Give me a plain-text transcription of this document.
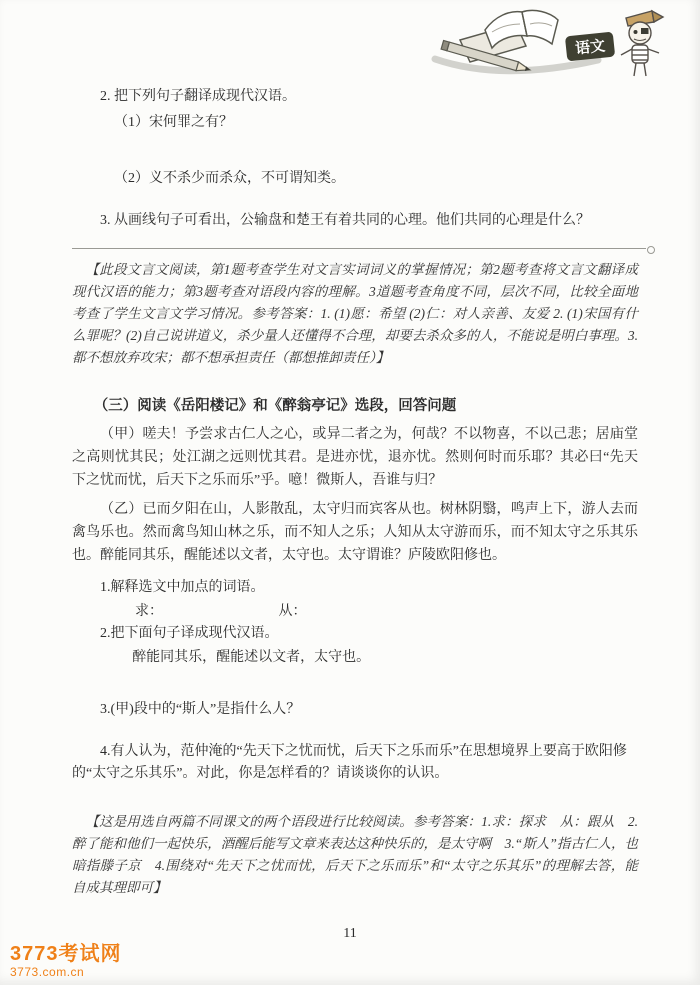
语文

2. 把下列句子翻译成现代汉语。

（1）宋何罪之有？

（2）义不杀少而杀众，不可谓知类。

3. 从画线句子可看出，公输盘和楚王有着共同的心理。他们共同的心理是什么？

【此段文言文阅读，第1题考查学生对文言实词词义的掌握情况；第2题考查将文言文翻译成现代汉语的能力；第3题考查对语段内容的理解。3道题考查角度不同，层次不同，比较全面地考查了学生文言文学习情况。参考答案：1. (1)愿：希望 (2)仁：对人亲善、友爱 2. (1)宋国有什么罪呢？(2)自己说讲道义，杀少量人还懂得不合理，却要去杀众多的人，不能说是明白事理。3. 都不想放弃攻宋；都不想承担责任（都想推卸责任）】

（三）阅读《岳阳楼记》和《醉翁亭记》选段，回答问题

（甲）嗟夫！予尝求古仁人之心，或异二者之为，何哉？不以物喜，不以己悲；居庙堂之高则忧其民；处江湖之远则忧其君。是进亦忧，退亦忧。然则何时而乐耶？其必曰“先天下之忧而忧，后天下之乐而乐”乎。噫！微斯人，吾谁与归？

（乙）已而夕阳在山，人影散乱，太守归而宾客从也。树林阴翳，鸣声上下，游人去而禽鸟乐也。然而禽鸟知山林之乐，而不知人之乐；人知从太守游而乐，而不知太守之乐其乐也。醉能同其乐，醒能述以文者，太守也。太守谓谁？庐陵欧阳修也。

1.解释选文中加点的词语。

求：	从：

2.把下面句子译成现代汉语。

醉能同其乐，醒能述以文者，太守也。

3.(甲)段中的“斯人”是指什么人？

4.有人认为，范仲淹的“先天下之忧而忧，后天下之乐而乐”在思想境界上要高于欧阳修的“太守之乐其乐”。对此，你是怎样看的？请谈谈你的认识。

【这是用选自两篇不同课文的两个语段进行比较阅读。参考答案：1.求：探求　从：跟从　2.醉了能和他们一起快乐，酒醒后能写文章来表达这种快乐的，是太守啊　3.“斯人”指古仁人，也暗指滕子京　4.围绕对“先天下之忧而忧，后天下之乐而乐”和“太守之乐其乐”的理解去答，能自成其理即可】

11
3773考试网
3773.com.cn
